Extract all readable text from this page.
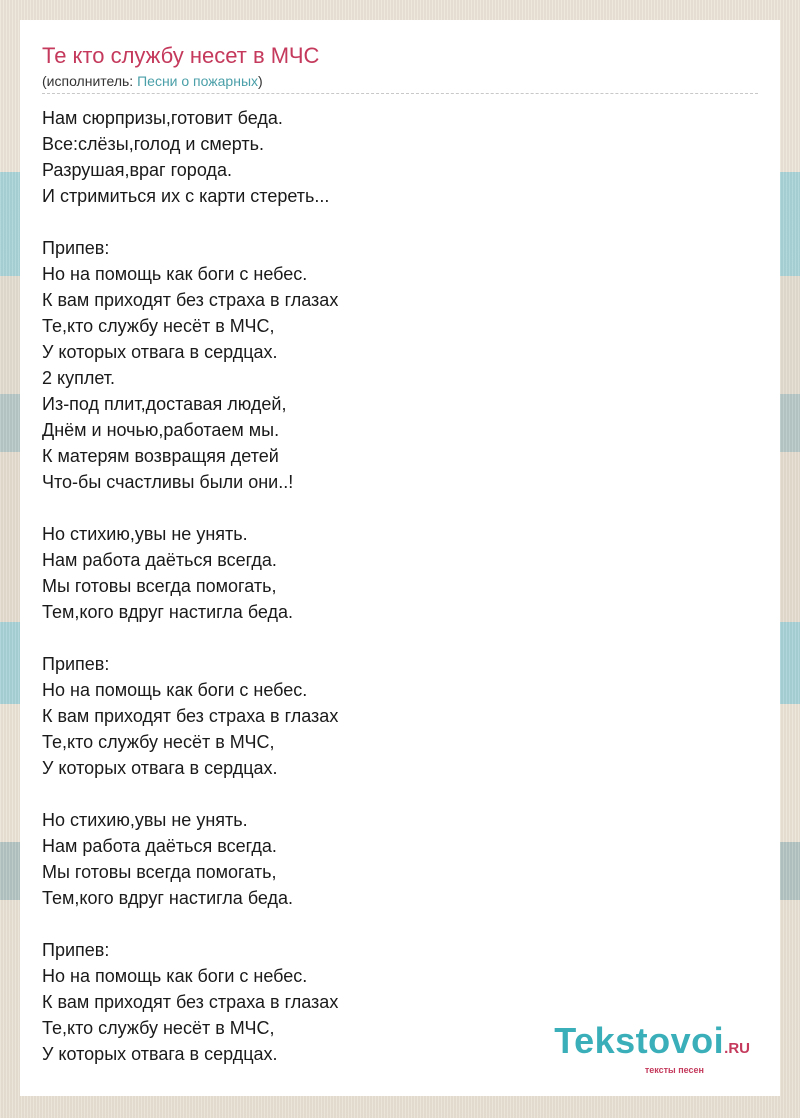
Те кто службу несет в МЧС
(исполнитель: Песни о пожарных)
Нам сюрпризы,готовит беда.
Все:слёзы,голод и смерть.
Разрушая,враг города.
И стримиться их с карти стереть...
Припев:
Но на помощь как боги с небес.
К вам приходят без страха в глазах
Те,кто службу несёт в МЧС,
У которых отвага в сердцах.
2 куплет.
Из-под плит,доставая людей,
Днём и ночью,работаем мы.
К матерям возвращяя детей
Что-бы счастливы были они..!
Но стихию,увы не унять.
Нам работа даёться всегда.
Мы готовы всегда помогать,
Тем,кого вдруг настигла беда.
Припев:
Но на помощь как боги с небес.
К вам приходят без страха в глазах
Те,кто службу несёт в МЧС,
У которых отвага в сердцах.
Но стихию,увы не унять.
Нам работа даёться всегда.
Мы готовы всегда помогать,
Тем,кого вдруг настигла беда.
Припев:
Но на помощь как боги с небес.
К вам приходят без страха в глазах
Те,кто службу несёт в МЧС,
У которых отвага в сердцах.	Tekstovoi.RU
тексты песен
